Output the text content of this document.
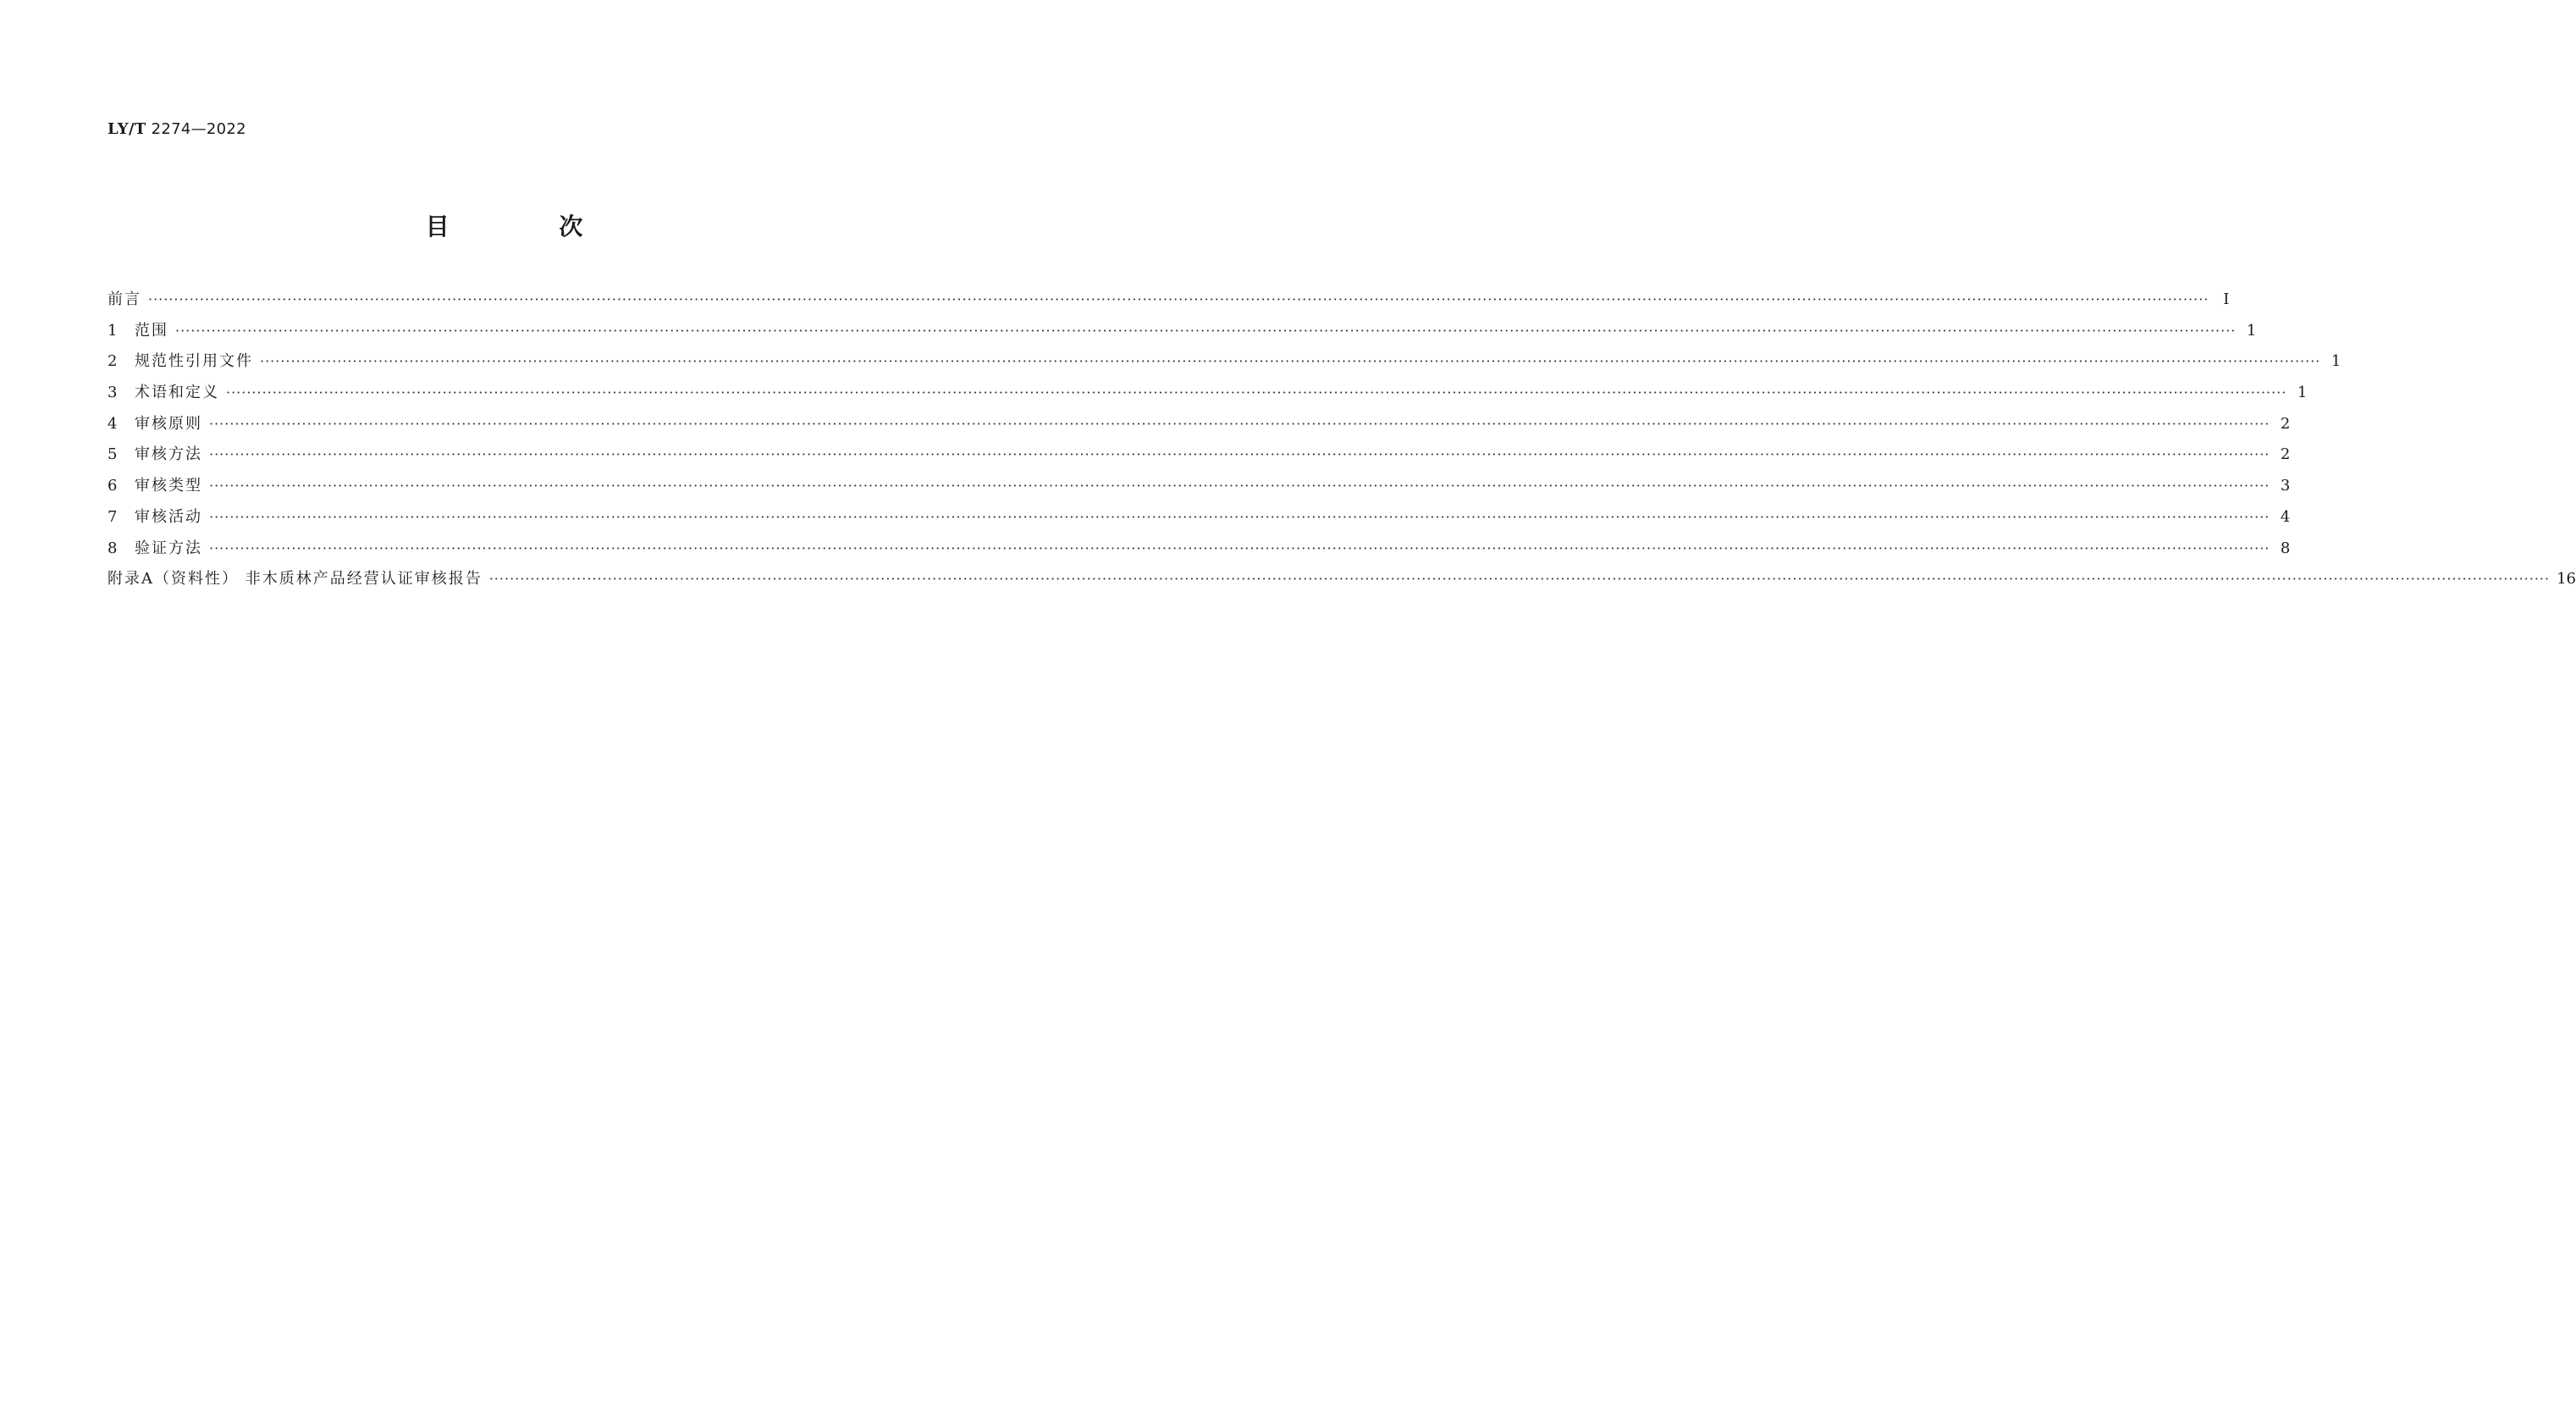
LY/T 2274—2022
目 次
前言 ················································································································································································································································································································································································································ Ⅰ
1 范围 ················································································································································································································································································································································································································ 1
2 规范性引用文件 ················································································································································································································································································································································································································ 1
3 术语和定义 ················································································································································································································································································································································································································ 1
4 审核原则 ················································································································································································································································································································································································································ 2
5 审核方法 ················································································································································································································································································································································································································ 2
6 审核类型 ················································································································································································································································································································································································································ 3
7 审核活动 ················································································································································································································································································································································································································ 4
8 验证方法 ················································································································································································································································································································································································································ 8
附录A（资料性） 非木质林产品经营认证审核报告 ················································································································································································································································································································································································································ 16
